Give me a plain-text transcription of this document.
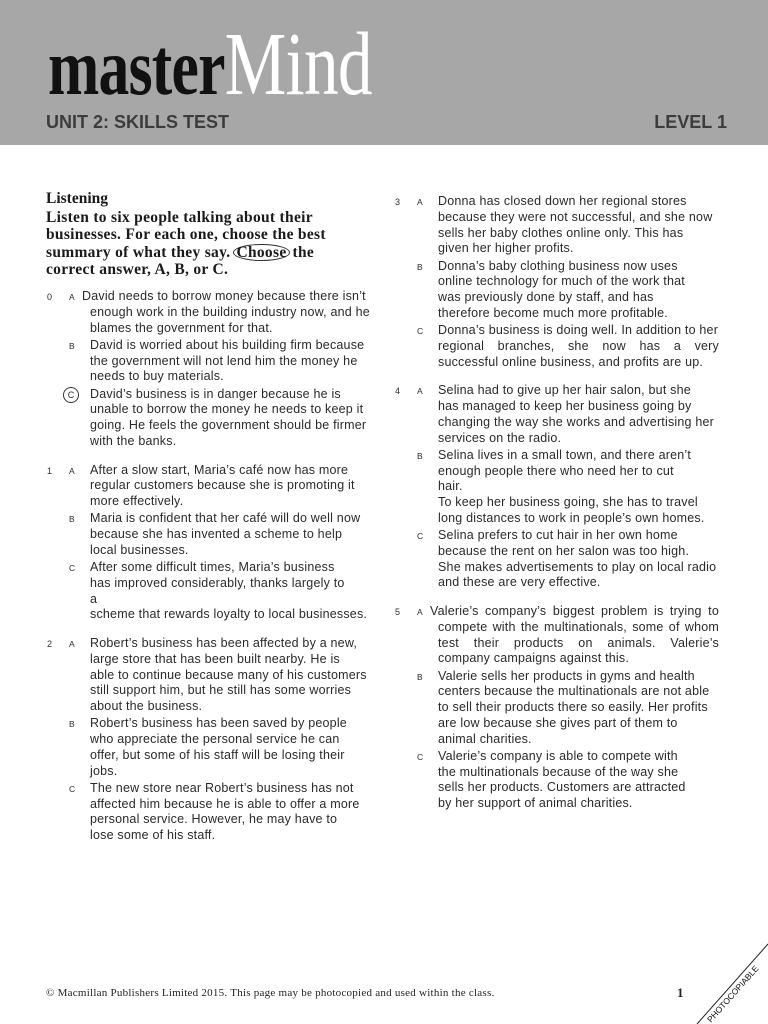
masterMind
UNIT 2: SKILLS TEST	LEVEL 1
Listening
Listen to six people talking about their
businesses. For each one, choose the best
summary of what they say. Choose the
correct answer, A, B, or C.
0 A David needs to borrow money because there isn’t
enough work in the building industry now, and he
blames the government for that.
B David is worried about his building firm because
the government will not lend him the money he
needs to buy materials.
C	David’s business is in danger because he is
unable to borrow the money he needs to keep it
going. He feels the government should be firmer
with the banks.
1 A After a slow start, Maria’s café now has more
regular customers because she is promoting it
more effectively.
B Maria is confident that her café will do well now
because she has invented a scheme to help
local businesses.
C After some difficult times, Maria’s business
has improved considerably, thanks largely to
a
scheme that rewards loyalty to local businesses.
2 A Robert’s business has been affected by a new,
large store that has been built nearby. He is
able to continue because many of his customers
still support him, but he still has some worries
about the business.
B Robert’s business has been saved by people
who appreciate the personal service he can
offer, but some of his staff will be losing their
jobs.
C The new store near Robert’s business has not
affected him because he is able to offer a more
personal service. However, he may have to
lose some of his staff.
3 A Donna has closed down her regional stores
because they were not successful, and she now
sells her baby clothes online only. This has
given her higher profits.
B Donna’s baby clothing business now uses
online technology for much of the work that
was previously done by staff, and has
therefore become much more profitable.
C Donna’s business is doing well. In addition to her
regional branches, she now has a very
successful online business, and profits are up.
4 A Selina had to give up her hair salon, but she
has managed to keep her business going by
changing the way she works and advertising her
services on the radio.
B Selina lives in a small town, and there aren’t
enough people there who need her to cut
hair.
To keep her business going, she has to travel
long distances to work in people’s own homes.
C Selina prefers to cut hair in her own home
because the rent on her salon was too high.
She makes advertisements to play on local radio
and these are very effective.
5 A Valerie’s company’s biggest problem is trying to
compete with the multinationals, some of whom
test their products on animals. Valerie’s
company campaigns against this.
B Valerie sells her products in gyms and health
centers because the multinationals are not able
to sell their products there so easily. Her profits
are low because she gives part of them to
animal charities.
C Valerie’s company is able to compete with
the multinationals because of the way she
sells her products. Customers are attracted
by her support of animal charities.
© Macmillan Publishers Limited 2015. This page may be photocopied and used within the class.	1	PHOTOCOPIABLE
